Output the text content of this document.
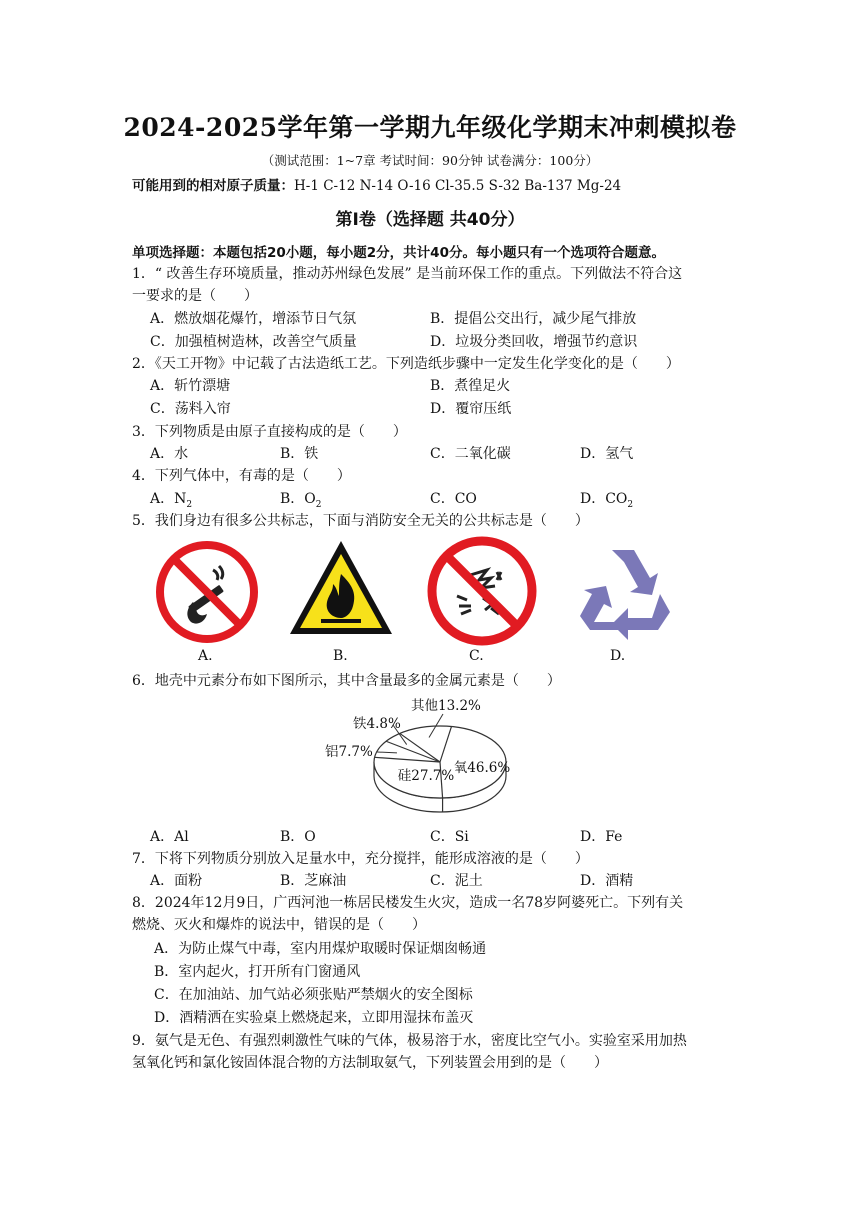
2024-2025学年第一学期九年级化学期末冲刺模拟卷
（测试范围：1~7章 考试时间：90分钟 试卷满分：100分）
可能用到的相对原子质量：H-1 C-12 N-14 O-16 Cl-35.5 S-32 Ba-137 Mg-24
第Ⅰ卷（选择题 共40分）
单项选择题：本题包括20小题，每小题2分，共计40分。每小题只有一个选项符合题意。
1．“ 改善生存环境质量，推动苏州绿色发展” 是当前环保工作的重点。下列做法不符合这
一要求的是（　　）
A．燃放烟花爆竹，增添节日气氛	B．提倡公交出行，减少尾气排放
C．加强植树造林，改善空气质量	D．垃圾分类回收，增强节约意识
2．《天工开物》中记载了古法造纸工艺。下列造纸步骤中一定发生化学变化的是（　　）
A．斩竹漂塘	B．煮徨足火
C．荡料入帘	D．覆帘压纸
3．下列物质是由原子直接构成的是（　　）
A．水	B．铁	C．二氧化碳	D．氢气
4．下列气体中，有毒的是（　　）
A．$N_2$	B．$O_2$	C．CO	D．$CO_2$
5．我们身边有很多公共标志，下面与消防安全无关的公共标志是（　　）
A.	B.	C.	D.
6．地壳中元素分布如下图所示，其中含量最多的金属元素是（　　）
氧46.6%
硅27.7%
铝7.7%
铁4.8%
其他13.2%
A．Al	B．O	C．Si	D．Fe
7．下将下列物质分别放入足量水中，充分搅拌，能形成溶液的是（　　）
A．面粉	B．芝麻油	C．泥土	D．酒精
8．2024年12月9日，广西河池一栋居民楼发生火灾，造成一名78岁阿婆死亡。下列有关
燃烧、灭火和爆炸的说法中，错误的是（　　）
A．为防止煤气中毒，室内用煤炉取暖时保证烟囱畅通
B．室内起火，打开所有门窗通风
C．在加油站、加气站必须张贴严禁烟火的安全图标
D．酒精洒在实验桌上燃烧起来，立即用湿抹布盖灭
9．氨气是无色、有强烈刺激性气味的气体，极易溶于水，密度比空气小。实验室采用加热
氢氧化钙和氯化铵固体混合物的方法制取氨气，下列装置会用到的是（　　）
